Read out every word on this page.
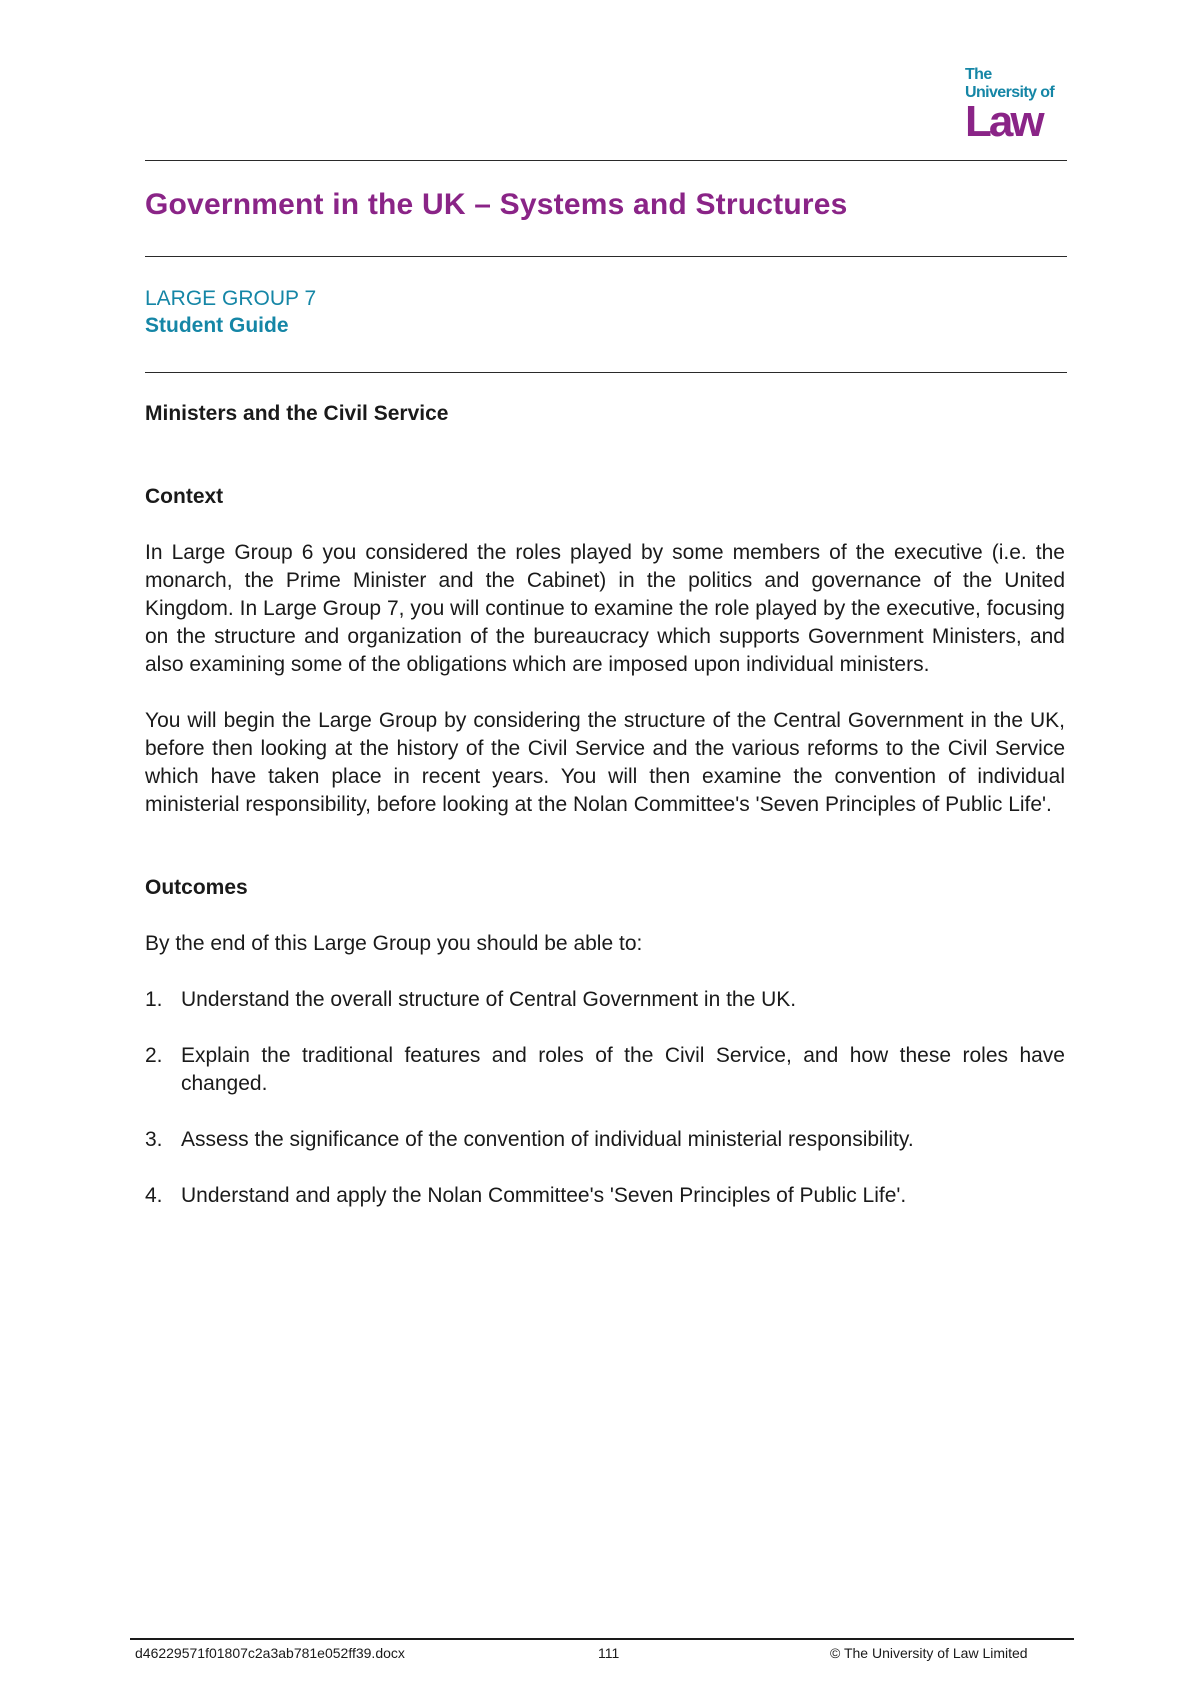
The
University of
Law
Government in the UK – Systems and Structures
LARGE GROUP 7
Student Guide
Ministers and the Civil Service
Context

In Large Group 6 you considered the roles played by some members of the executive (i.e. the monarch, the Prime Minister and the Cabinet) in the politics and governance of the United Kingdom. In Large Group 7, you will continue to examine the role played by the executive, focusing on the structure and organization of the bureaucracy which supports Government Ministers, and also examining some of the obligations which are imposed upon individual ministers.

You will begin the Large Group by considering the structure of the Central Government in the UK, before then looking at the history of the Civil Service and the various reforms to the Civil Service which have taken place in recent years. You will then examine the convention of individual ministerial responsibility, before looking at the Nolan Committee's 'Seven Principles of Public Life'.

Outcomes

By the end of this Large Group you should be able to:

1. Understand the overall structure of Central Government in the UK.
2. Explain the traditional features and roles of the Civil Service, and how these roles have changed.
3. Assess the significance of the convention of individual ministerial responsibility.
4. Understand and apply the Nolan Committee's 'Seven Principles of Public Life'.
d46229571f01807c2a3ab781e052ff39.docx	111	© The University of Law Limited
